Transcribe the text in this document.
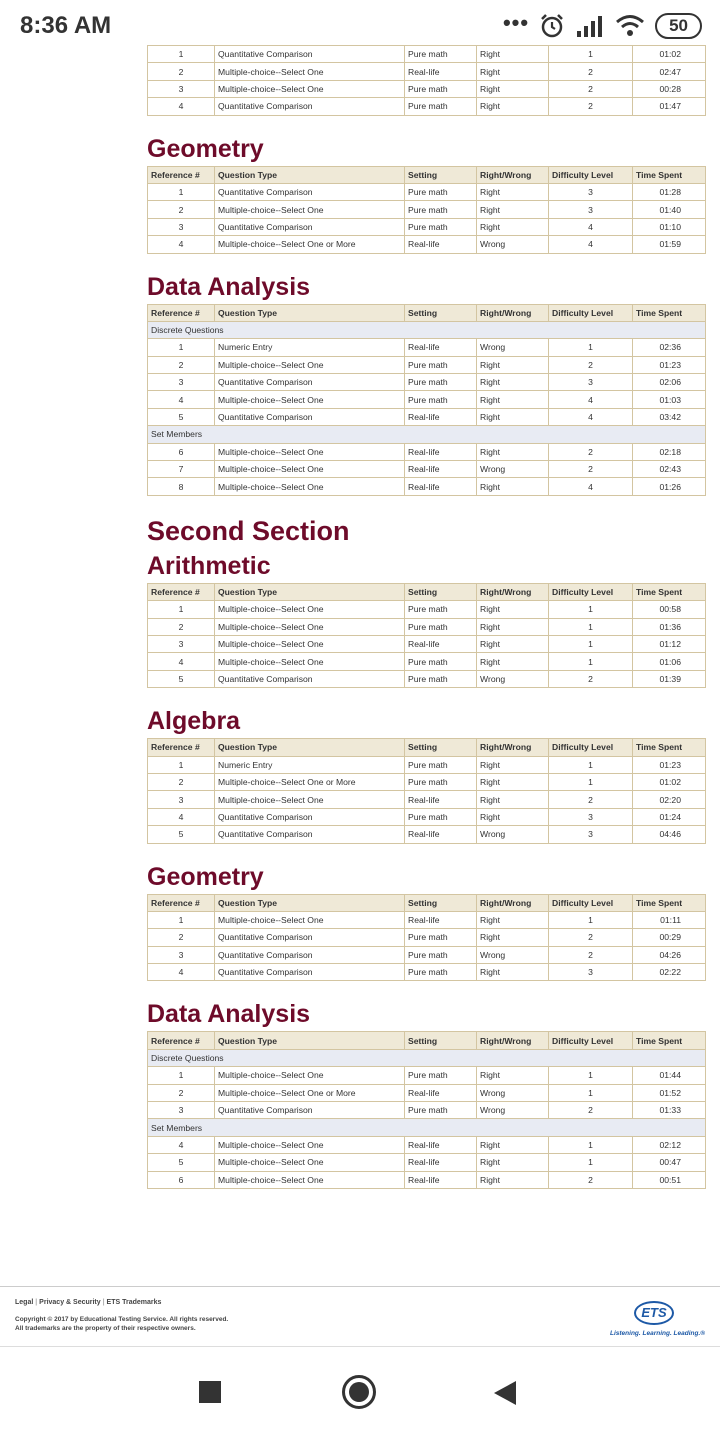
8:36 AM	•••	50
1	Quantitative Comparison	Pure math	Right	1	01:02
2	Multiple-choice--Select One	Real-life	Right	2	02:47
3	Multiple-choice--Select One	Pure math	Right	2	00:28
4	Quantitative Comparison	Pure math	Right	2	01:47
Geometry
Reference #	Question Type	Setting	Right/Wrong	Difficulty Level	Time Spent
1	Quantitative Comparison	Pure math	Right	3	01:28
2	Multiple-choice--Select One	Pure math	Right	3	01:40
3	Quantitative Comparison	Pure math	Right	4	01:10
4	Multiple-choice--Select One or More	Real-life	Wrong	4	01:59
Data Analysis
Reference #	Question Type	Setting	Right/Wrong	Difficulty Level	Time Spent
Discrete Questions					
1	Numeric Entry	Real-life	Wrong	1	02:36
2	Multiple-choice--Select One	Pure math	Right	2	01:23
3	Quantitative Comparison	Pure math	Right	3	02:06
4	Multiple-choice--Select One	Pure math	Right	4	01:03
5	Quantitative Comparison	Real-life	Right	4	03:42
Set Members					
6	Multiple-choice--Select One	Real-life	Right	2	02:18
7	Multiple-choice--Select One	Real-life	Wrong	2	02:43
8	Multiple-choice--Select One	Real-life	Right	4	01:26
Second Section
Arithmetic
Reference #	Question Type	Setting	Right/Wrong	Difficulty Level	Time Spent
1	Multiple-choice--Select One	Pure math	Right	1	00:58
2	Multiple-choice--Select One	Pure math	Right	1	01:36
3	Multiple-choice--Select One	Real-life	Right	1	01:12
4	Multiple-choice--Select One	Pure math	Right	1	01:06
5	Quantitative Comparison	Pure math	Wrong	2	01:39
Algebra
Reference #	Question Type	Setting	Right/Wrong	Difficulty Level	Time Spent
1	Numeric Entry	Pure math	Right	1	01:23
2	Multiple-choice--Select One or More	Pure math	Right	1	01:02
3	Multiple-choice--Select One	Real-life	Right	2	02:20
4	Quantitative Comparison	Pure math	Right	3	01:24
5	Quantitative Comparison	Real-life	Wrong	3	04:46
Geometry
Reference #	Question Type	Setting	Right/Wrong	Difficulty Level	Time Spent
1	Multiple-choice--Select One	Real-life	Right	1	01:11
2	Quantitative Comparison	Pure math	Right	2	00:29
3	Quantitative Comparison	Pure math	Wrong	2	04:26
4	Quantitative Comparison	Pure math	Right	3	02:22
Data Analysis
Reference #	Question Type	Setting	Right/Wrong	Difficulty Level	Time Spent
Discrete Questions					
1	Multiple-choice--Select One	Pure math	Right	1	01:44
2	Multiple-choice--Select One or More	Real-life	Wrong	1	01:52
3	Quantitative Comparison	Pure math	Wrong	2	01:33
Set Members					
4	Multiple-choice--Select One	Real-life	Right	1	02:12
5	Multiple-choice--Select One	Real-life	Right	1	00:47
6	Multiple-choice--Select One	Real-life	Right	2	00:51
Legal | Privacy & Security | ETS Trademarks
Copyright © 2017 by Educational Testing Service. All rights reserved.
All trademarks are the property of their respective owners.
ETS
Listening. Learning. Leading.®
